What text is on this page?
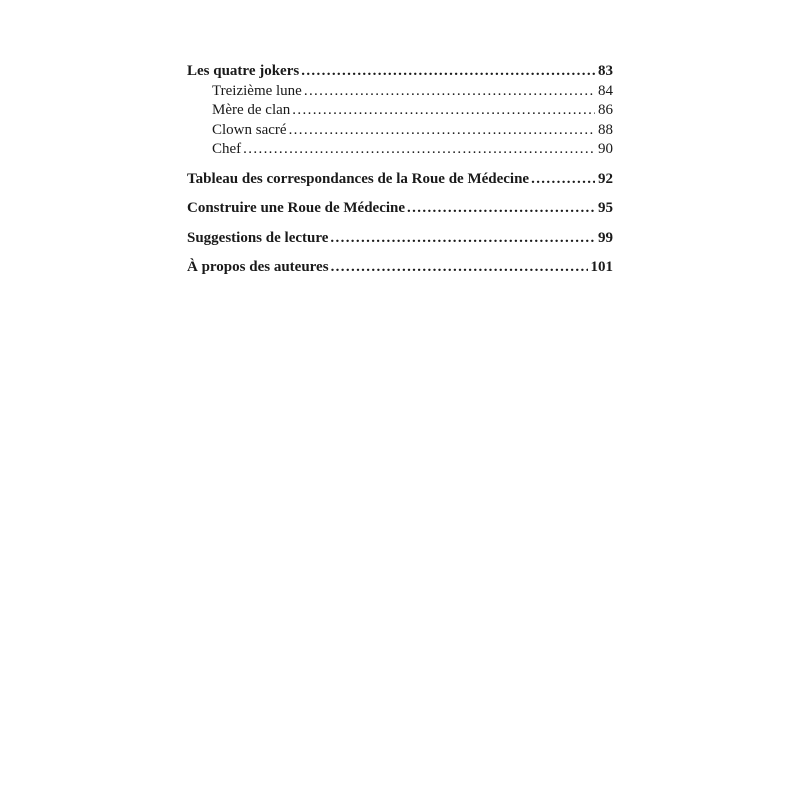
Les quatre jokers . . .	83
Treizième lune . . .	84
Mère de clan . . .	86
Clown sacré . . .	88
Chef . . .	90
Tableau des correspondances de la Roue de Médecine . . .	92
Construire une Roue de Médecine . . .	95
Suggestions de lecture . . .	99
À propos des auteures . . .	101
